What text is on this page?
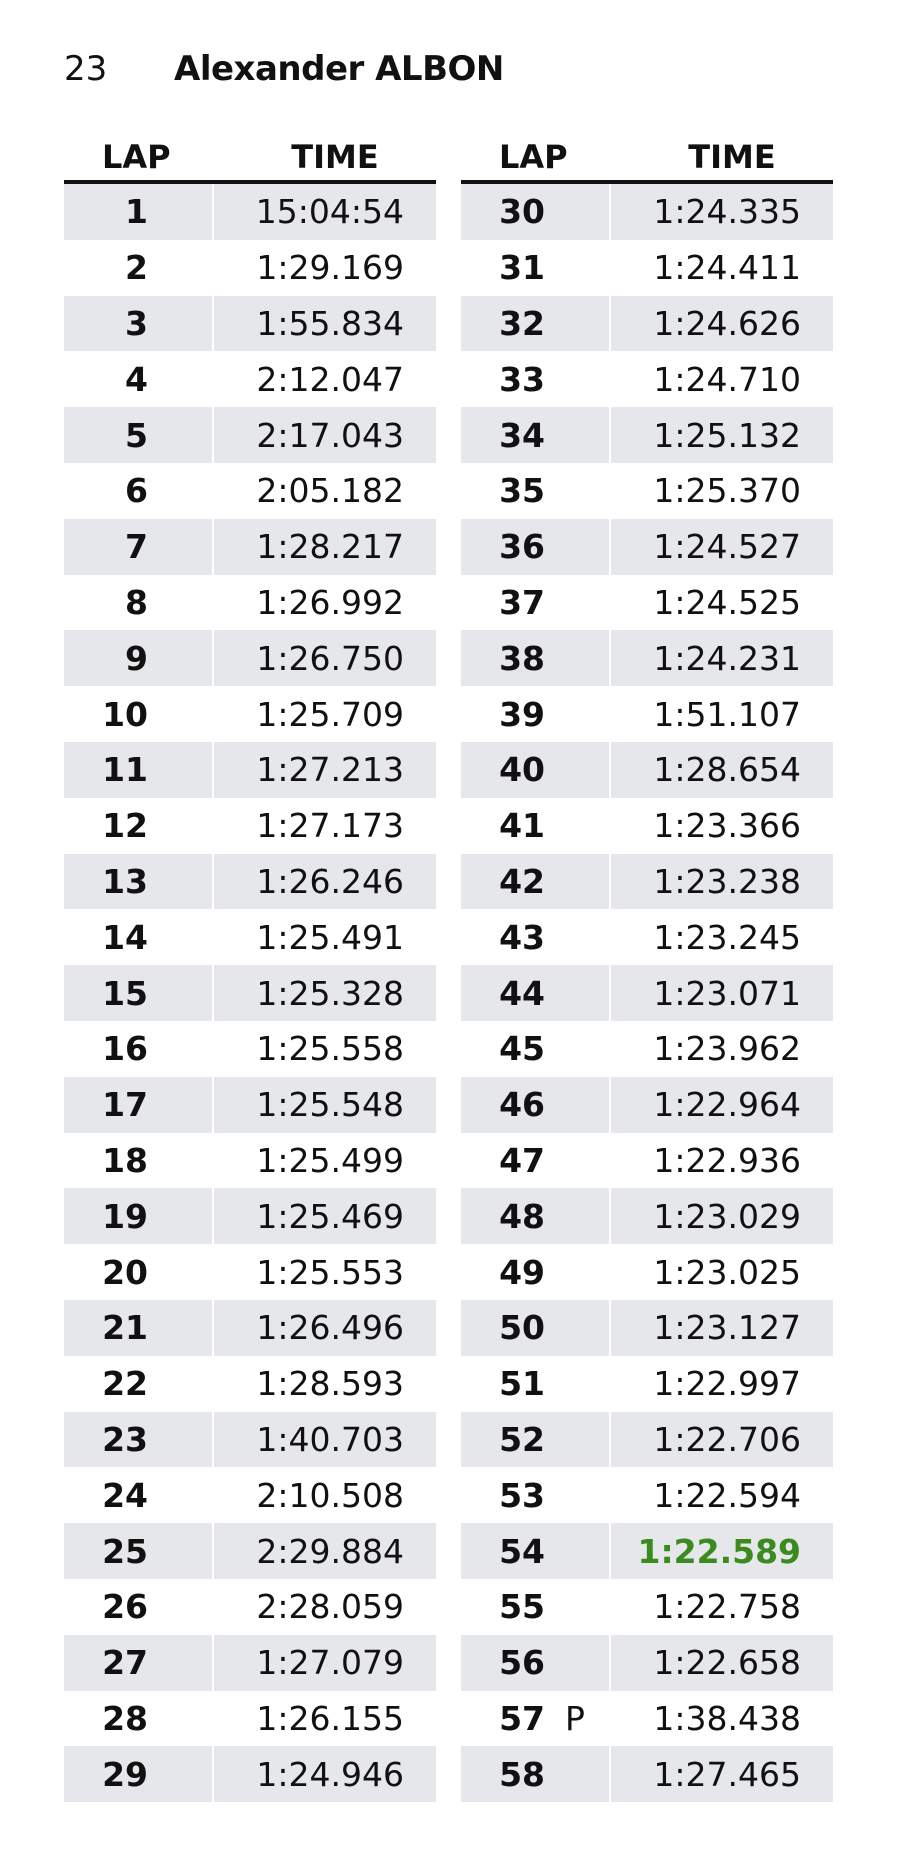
23	Alexander ALBON
LAP	TIME
1	15:04:54
2	1:29.169
3	1:55.834
4	2:12.047
5	2:17.043
6	2:05.182
7	1:28.217
8	1:26.992
9	1:26.750
10	1:25.709
11	1:27.213
12	1:27.173
13	1:26.246
14	1:25.491
15	1:25.328
16	1:25.558
17	1:25.548
18	1:25.499
19	1:25.469
20	1:25.553
21	1:26.496
22	1:28.593
23	1:40.703
24	2:10.508
25	2:29.884
26	2:28.059
27	1:27.079
28	1:26.155
29	1:24.946
LAP	TIME
30	1:24.335
31	1:24.411
32	1:24.626
33	1:24.710
34	1:25.132
35	1:25.370
36	1:24.527
37	1:24.525
38	1:24.231
39	1:51.107
40	1:28.654
41	1:23.366
42	1:23.238
43	1:23.245
44	1:23.071
45	1:23.962
46	1:22.964
47	1:22.936
48	1:23.029
49	1:23.025
50	1:23.127
51	1:22.997
52	1:22.706
53	1:22.594
54	1:22.589
55	1:22.758
56	1:22.658
57 P	1:38.438
58	1:27.465
